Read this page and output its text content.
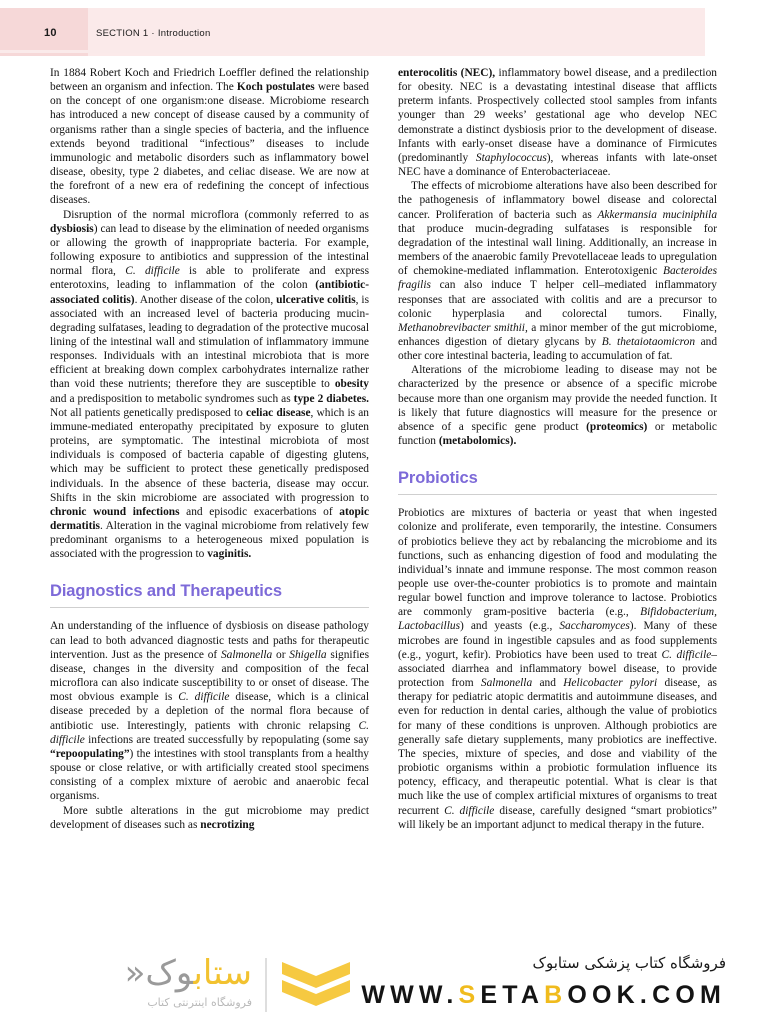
10	SECTION 1 · Introduction

In 1884 Robert Koch and Friedrich Loeffler defined the relationship between an organism and infection. The Koch postulates were based on the concept of one organism:one disease. Microbiome research has introduced a new concept of disease caused by a community of organisms rather than a single species of bacteria, and the influence extends beyond traditional “infectious” diseases to include immunologic and metabolic disorders such as inflammatory bowel disease, obesity, type 2 diabetes, and celiac disease. We are now at the forefront of a new era of redefining the concept of infectious diseases.

Disruption of the normal microflora (commonly referred to as dysbiosis) can lead to disease by the elimination of needed organisms or allowing the growth of inappropriate bacteria. For example, following exposure to antibiotics and suppression of the intestinal normal flora, C. difficile is able to proliferate and express enterotoxins, leading to inflammation of the colon (antibiotic-associated colitis). Another disease of the colon, ulcerative colitis, is associated with an increased level of bacteria producing mucin-degrading sulfatases, leading to degradation of the protective mucosal lining of the intestinal wall and stimulation of inflammatory immune responses. Individuals with an intestinal microbiota that is more efficient at breaking down complex carbohydrates internalize rather than void these nutrients; therefore they are susceptible to obesity and a predisposition to metabolic syndromes such as type 2 diabetes. Not all patients genetically predisposed to celiac disease, which is an immune-mediated enteropathy precipitated by exposure to gluten proteins, are symptomatic. The intestinal microbiota of most individuals is composed of bacteria capable of digesting glutens, which may be sufficient to protect these genetically predisposed individuals. In the absence of these bacteria, disease may occur. Shifts in the skin microbiome are associated with progression to chronic wound infections and episodic exacerbations of atopic dermatitis. Alteration in the vaginal microbiome from relatively few predominant organisms to a heterogeneous mixed population is associated with the progression to vaginitis.

Diagnostics and Therapeutics

An understanding of the influence of dysbiosis on disease pathology can lead to both advanced diagnostic tests and paths for therapeutic intervention. Just as the presence of Salmonella or Shigella signifies disease, changes in the diversity and composition of the fecal microflora can also indicate susceptibility to or onset of disease. The most obvious example is C. difficile disease, which is a clinical disease preceded by a depletion of the normal flora because of antibiotic use. Interestingly, patients with chronic relapsing C. difficile infections are treated successfully by repopulating (some say “repoopulating”) the intestines with stool transplants from a healthy spouse or close relative, or with artificially created stool specimens consisting of a complex mixture of aerobic and anaerobic fecal organisms.

More subtle alterations in the gut microbiome may predict development of diseases such as necrotizing

enterocolitis (NEC), inflammatory bowel disease, and a predilection for obesity. NEC is a devastating intestinal disease that afflicts preterm infants. Prospectively collected stool samples from infants younger than 29 weeks’ gestational age who develop NEC demonstrate a distinct dysbiosis prior to the development of disease. Infants with early-onset disease have a dominance of Firmicutes (predominantly Staphylococcus), whereas infants with late-onset NEC have a dominance of Enterobacteriaceae.

The effects of microbiome alterations have also been described for the pathogenesis of inflammatory bowel disease and colorectal cancer. Proliferation of bacteria such as Akkermansia muciniphila that produce mucin-degrading sulfatases is responsible for degradation of the intestinal wall lining. Additionally, an increase in members of the anaerobic family Prevotellaceae leads to upregulation of chemokine-mediated inflammation. Enterotoxigenic Bacteroides fragilis can also induce T helper cell–mediated inflammatory responses that are associated with colitis and are a precursor to colonic hyperplasia and colorectal tumors. Finally, Methanobrevibacter smithii, a minor member of the gut microbiome, enhances digestion of dietary glycans by B. thetaiotaomicron and other core intestinal bacteria, leading to accumulation of fat.

Alterations of the microbiome leading to disease may not be characterized by the presence or absence of a specific microbe because more than one organism may provide the needed function. It is likely that future diagnostics will measure for the presence or absence of a specific gene product (proteomics) or metabolic function (metabolomics).

Probiotics

Probiotics are mixtures of bacteria or yeast that when ingested colonize and proliferate, even temporarily, the intestine. Consumers of probiotics believe they act by rebalancing the microbiome and its functions, such as enhancing digestion of food and modulating the individual’s innate and immune response. The most common reason people use over-the-counter probiotics is to promote and maintain regular bowel function and improve tolerance to lactose. Probiotics are commonly gram-positive bacteria (e.g., Bifidobacterium, Lactobacillus) and yeasts (e.g., Saccharomyces). Many of these microbes are found in ingestible capsules and as food supplements (e.g., yogurt, kefir). Probiotics have been used to treat C. difficile–associated diarrhea and inflammatory bowel disease, to provide protection from Salmonella and Helicobacter pylori disease, as therapy for pediatric atopic dermatitis and autoimmune diseases, and even for reduction in dental caries, although the value of probiotics for many of these conditions is unproven. Although probiotics are generally safe dietary supplements, many probiotics are ineffective. The species, mixture of species, and dose and viability of the probiotic organisms within a probiotic formulation influence its potency, efficacy, and therapeutic potential. What is clear is that much like the use of complex artificial mixtures of organisms to treat recurrent C. difficile disease, carefully designed “smart probiotics” will likely be an important adjunct to medical therapy in the future.

ستابوک«
فروشگاه اینترنتی کتاب
فروشگاه کتاب پزشکی ستابوک
WWW.SETABOOK.COM
